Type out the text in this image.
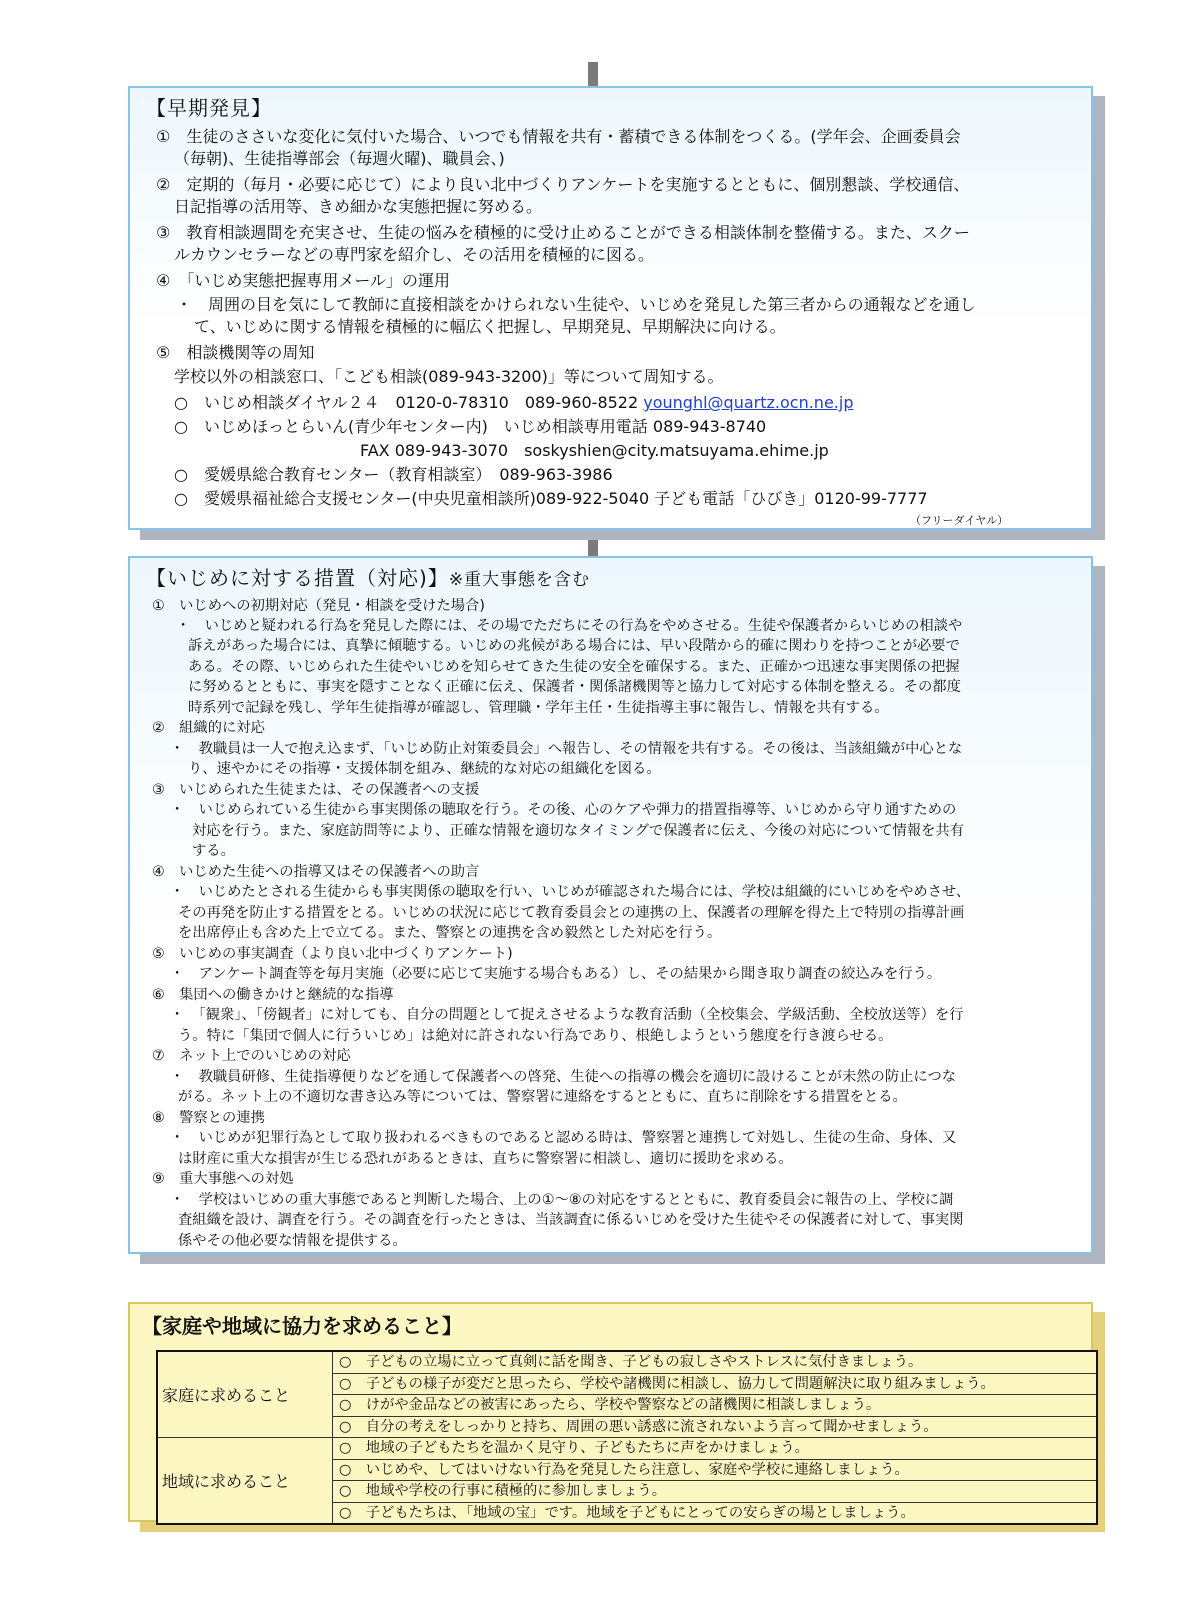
【早期発見】
①　生徒のささいな変化に気付いた場合、いつでも情報を共有・蓄積できる体制をつくる。(学年会、企画委員会
（毎朝)、生徒指導部会（毎週火曜)、職員会、)
②　定期的（毎月・必要に応じて）により良い北中づくりアンケートを実施するとともに、個別懇談、学校通信、
日記指導の活用等、きめ細かな実態把握に努める。
③　教育相談週間を充実させ、生徒の悩みを積極的に受け止めることができる相談体制を整備する。また、スクー
ルカウンセラーなどの専門家を紹介し、その活用を積極的に図る。
④　「いじめ実態把握専用メール」の運用
・　周囲の目を気にして教師に直接相談をかけられない生徒や、いじめを発見した第三者からの通報などを通し
て、いじめに関する情報を積極的に幅広く把握し、早期発見、早期解決に向ける。
⑤　相談機関等の周知
学校以外の相談窓口、「こども相談(089-943-3200)」等について周知する。
○　いじめ相談ダイヤル２４　0120-0-78310　089-960-8522 younghl@quartz.ocn.ne.jp
○　いじめほっとらいん(青少年センター内)　いじめ相談専用電話 089-943-8740
FAX 089-943-3070　soskyshien@city.matsuyama.ehime.jp
○　愛媛県総合教育センター（教育相談室）　089-963-3986
○　愛媛県福祉総合支援センター(中央児童相談所)089-922-5040 子ども電話「ひびき」0120-99-7777
（フリーダイヤル）
【いじめに対する措置（対応)】※重大事態を含む
①　いじめへの初期対応（発見・相談を受けた場合)
・　いじめと疑われる行為を発見した際には、その場でただちにその行為をやめさせる。生徒や保護者からいじめの相談や
訴えがあった場合には、真摯に傾聴する。いじめの兆候がある場合には、早い段階から的確に関わりを持つことが必要で
ある。その際、いじめられた生徒やいじめを知らせてきた生徒の安全を確保する。また、正確かつ迅速な事実関係の把握
に努めるとともに、事実を隠すことなく正確に伝え、保護者・関係諸機関等と協力して対応する体制を整える。その都度
時系列で記録を残し、学年生徒指導が確認し、管理職・学年主任・生徒指導主事に報告し、情報を共有する。
②　組織的に対応
・　教職員は一人で抱え込まず、「いじめ防止対策委員会」へ報告し、その情報を共有する。その後は、当該組織が中心とな
り、速やかにその指導・支援体制を組み、継続的な対応の組織化を図る。
③　いじめられた生徒または、その保護者への支援
・　いじめられている生徒から事実関係の聴取を行う。その後、心のケアや弾力的措置指導等、いじめから守り通すための
対応を行う。また、家庭訪問等により、正確な情報を適切なタイミングで保護者に伝え、今後の対応について情報を共有
する。
④　いじめた生徒への指導又はその保護者への助言
・　いじめたとされる生徒からも事実関係の聴取を行い、いじめが確認された場合には、学校は組織的にいじめをやめさせ、
その再発を防止する措置をとる。いじめの状況に応じて教育委員会との連携の上、保護者の理解を得た上で特別の指導計画
を出席停止も含めた上で立てる。また、警察との連携を含め毅然とした対応を行う。
⑤　いじめの事実調査（より良い北中づくりアンケート)
・　アンケート調査等を毎月実施（必要に応じて実施する場合もある）し、その結果から聞き取り調査の絞込みを行う。
⑥　集団への働きかけと継続的な指導
・　「観衆」、「傍観者」に対しても、自分の問題として捉えさせるような教育活動（全校集会、学級活動、全校放送等）を行
う。特に「集団で個人に行ういじめ」は絶対に許されない行為であり、根絶しようという態度を行き渡らせる。
⑦　ネット上でのいじめの対応
・　教職員研修、生徒指導便りなどを通して保護者への啓発、生徒への指導の機会を適切に設けることが未然の防止につな
がる。ネット上の不適切な書き込み等については、警察署に連絡をするとともに、直ちに削除をする措置をとる。
⑧　警察との連携
・　いじめが犯罪行為として取り扱われるべきものであると認める時は、警察署と連携して対処し、生徒の生命、身体、又
は財産に重大な損害が生じる恐れがあるときは、直ちに警察署に相談し、適切に援助を求める。
⑨　重大事態への対処
・　学校はいじめの重大事態であると判断した場合、上の①～⑧の対応をするとともに、教育委員会に報告の上、学校に調
査組織を設け、調査を行う。その調査を行ったときは、当該調査に係るいじめを受けた生徒やその保護者に対して、事実関
係やその他必要な情報を提供する。
【家庭や地域に協力を求めること】
家庭に求めること	○　子どもの立場に立って真剣に話を聞き、子どもの寂しさやストレスに気付きましょう。
○　子どもの様子が変だと思ったら、学校や諸機関に相談し、協力して問題解決に取り組みましょう。
○　けがや金品などの被害にあったら、学校や警察などの諸機関に相談しましょう。
○　自分の考えをしっかりと持ち、周囲の悪い誘惑に流されないよう言って聞かせましょう。

地域に求めること	○　地域の子どもたちを温かく見守り、子どもたちに声をかけましょう。
○　いじめや、してはいけない行為を発見したら注意し、家庭や学校に連絡しましょう。
○　地域や学校の行事に積極的に参加しましょう。
○　子どもたちは、「地域の宝」です。地域を子どもにとっての安らぎの場としましょう。
